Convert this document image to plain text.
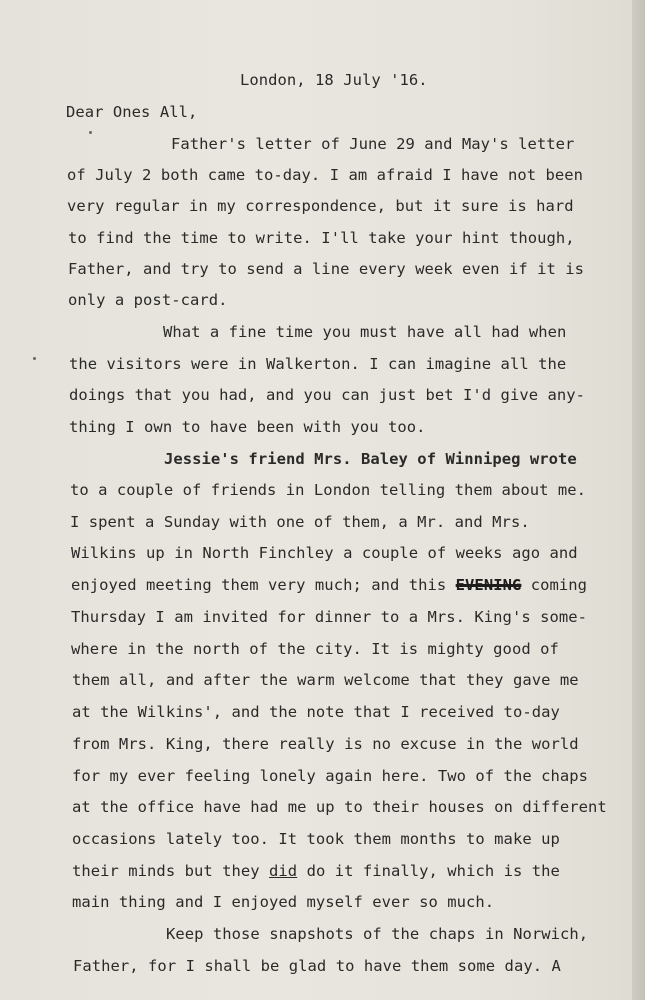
London, 18 July '16.

Dear Ones All,

Father's letter of June 29 and May's letter

of July 2 both came to-day. I am afraid I have not been

very regular in my correspondence, but it sure is hard

to find the time to write. I'll take your hint though,

Father, and try to send a line every week even if it is

only a post-card.

What a fine time you must have all had when

the visitors were in Walkerton. I can imagine all the

doings that you had, and you can just bet I'd give any-

thing I own to have been with you too.

Jessie's friend Mrs. Baley of Winnipeg wrote

to a couple of friends in London telling them about me.

I spent a Sunday with one of them, a Mr. and Mrs.

Wilkins up in North Finchley a couple of weeks ago and

enjoyed meeting them very much; and this EVENING coming

Thursday I am invited for dinner to a Mrs. King's some-

where in the north of the city. It is mighty good of

them all, and after the warm welcome that they gave me

at the Wilkins', and the note that I received to-day

from Mrs. King, there really is no excuse in the world

for my ever feeling lonely again here. Two of the chaps

at the office have had me up to their houses on different

occasions lately too. It took them months to make up

their minds but they did do it finally, which is the

main thing and I enjoyed myself ever so much.

Keep those snapshots of the chaps in Norwich,

Father, for I shall be glad to have them some day. A
